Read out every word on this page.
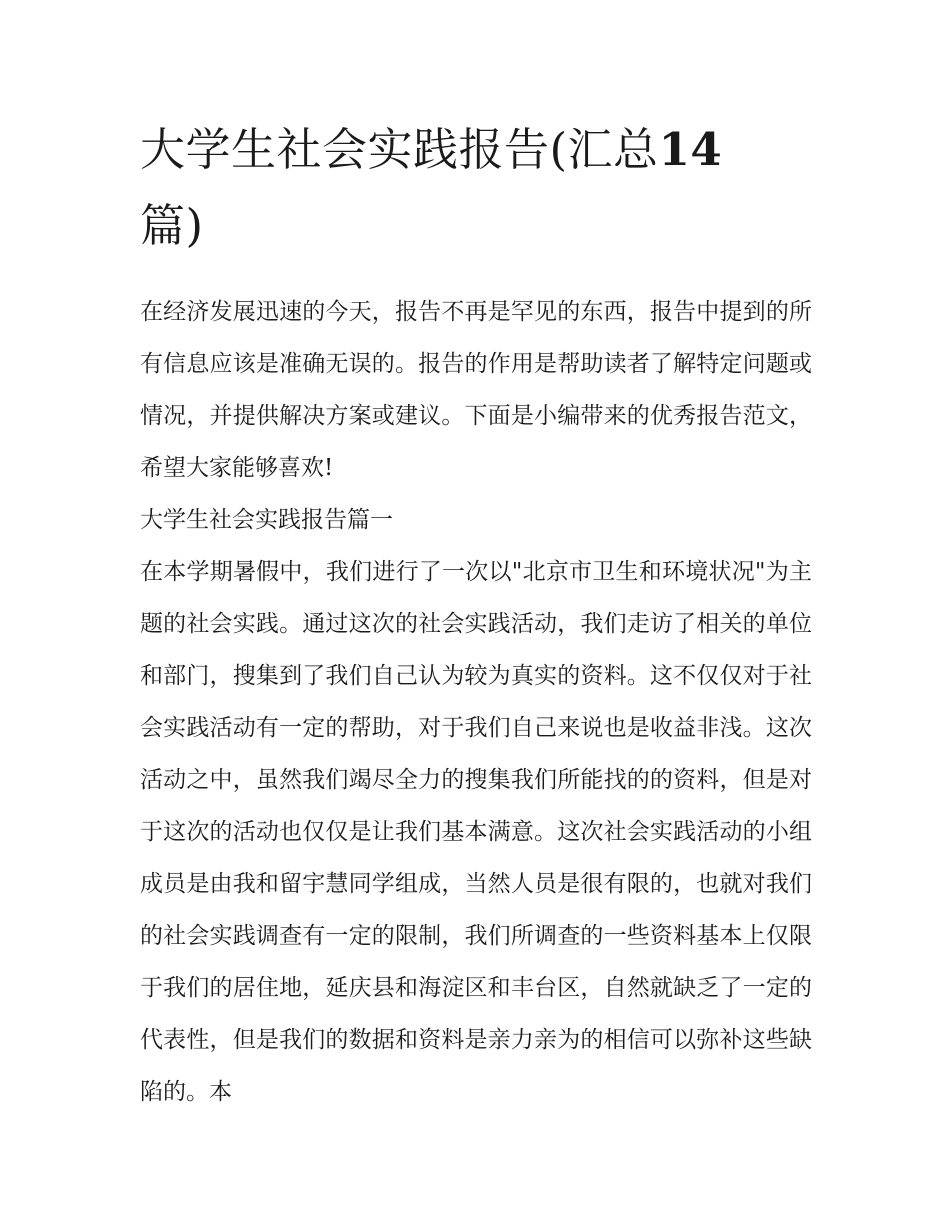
大学生社会实践报告(汇总14
篇)

在经济发展迅速的今天，报告不再是罕见的东西，报告中提到的所有信息应该是准确无误的。报告的作用是帮助读者了解特定问题或情况，并提供解决方案或建议。下面是小编带来的优秀报告范文，希望大家能够喜欢!

大学生社会实践报告篇一

在本学期暑假中，我们进行了一次以"北京市卫生和环境状况"为主题的社会实践。通过这次的社会实践活动，我们走访了相关的单位和部门，搜集到了我们自己认为较为真实的资料。这不仅仅对于社会实践活动有一定的帮助，对于我们自己来说也是收益非浅。这次活动之中，虽然我们竭尽全力的搜集我们所能找的的资料，但是对于这次的活动也仅仅是让我们基本满意。这次社会实践活动的小组成员是由我和留宇慧同学组成，当然人员是很有限的，也就对我们的社会实践调查有一定的限制，我们所调查的一些资料基本上仅限于我们的居住地，延庆县和海淀区和丰台区，自然就缺乏了一定的代表性，但是我们的数据和资料是亲力亲为的相信可以弥补这些缺陷的。本
